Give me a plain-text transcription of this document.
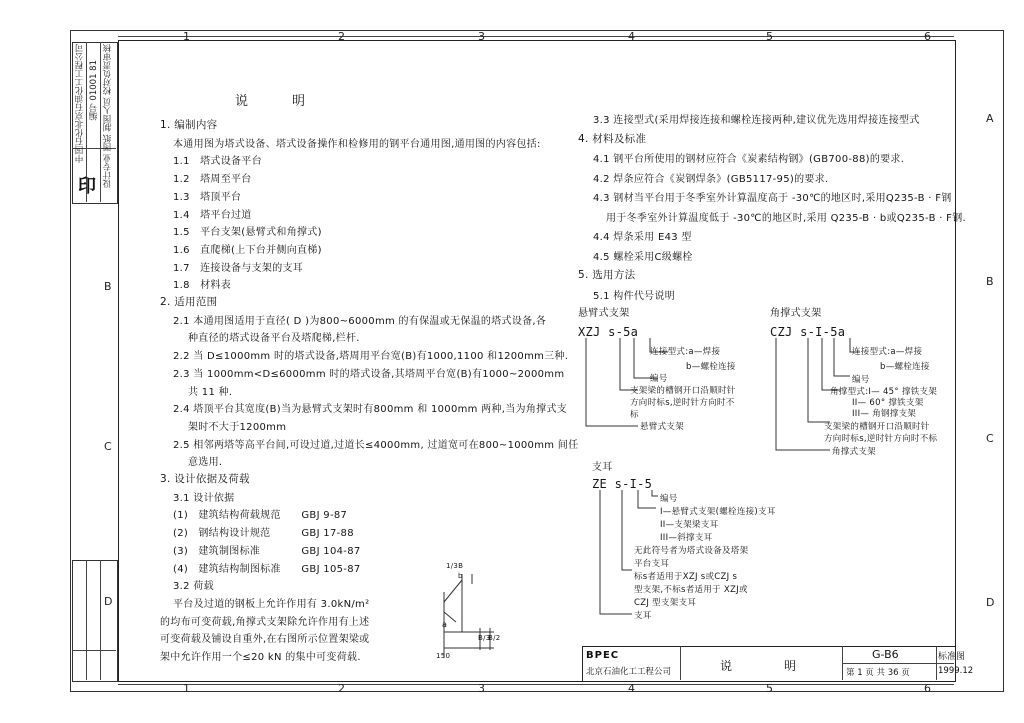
1	2	3	4	5	6
1	2	3	4	5	6
B
C
D
A
B
C
D
中国石化北京石油化工工程公司 编号 01001 81 设计专业 图纸 制图人员 校对负责审核
印
说　　明
1. 编制内容
本通用图为塔式设备、塔式设备操作和检修用的钢平台通用图,通用图的内容包括:
1.1　塔式设备平台
1.2　塔周至平台
1.3　塔顶平台
1.4　塔平台过道
1.5　平台支架(悬臂式和角撑式)
1.6　直爬梯(上下台并侧向直梯)
1.7　连接设备与支架的支耳
1.8　材料表
2. 适用范围
2.1 本通用图适用于直径( D )为800~6000mm 的有保温或无保温的塔式设备,各
种直径的塔式设备平台及塔爬梯,栏杆.
2.2 当 D≤1000mm 时的塔式设备,塔周用平台宽(B)有1000,1100 和1200mm三种.
2.3 当 1000mm<D≤6000mm 时的塔式设备,其塔周平台宽(B)有1000~2000mm
共 11 种.
2.4 塔顶平台其宽度(B)当为悬臂式支架时有800mm 和 1000mm 两种,当为角撑式支
架时不大于1200mm
2.5 相邻两塔等高平台间,可设过道,过道长≤4000mm, 过道宽可在800~1000mm 间任
意选用.
3. 设计依据及荷载
3.1 设计依据
(1)　建筑结构荷载规范　　GBJ 9-87
(2)　钢结构设计规范　　　GBJ 17-88
(3)　建筑制图标准　　　　GBJ 104-87
(4)　建筑结构制图标准　　GBJ 105-87
3.2 荷载
平台及过道的钢板上允许作用有 3.0kN/m²
的均布可变荷载,角撑式支架除允许作用有上述
可变荷载及铺设自重外,在右图所示位置架梁或
架中允许作用一个≤20 kN 的集中可变荷载.
3.3 连接型式(采用焊接连接和螺栓连接两种,建议优先选用焊接连接型式
4. 材料及标准
4.1 钢平台所使用的钢材应符合《炭素结构钢》(GB700-88)的要求.
4.2 焊条应符合《炭钢焊条》(GB5117-95)的要求.
4.3 钢材当平台用于冬季室外计算温度高于 -30℃的地区时,采用Q235-B · F钢
用于冬季室外计算温度低于 -30℃的地区时,采用 Q235-B · b或Q235-B · F钢.
4.4 焊条采用 E43 型
4.5 螺栓采用C级螺栓
5. 选用方法
5.1 构件代号说明
悬臂式支架
XZJ s-5a
连接型式:a—焊接
b—螺栓连接
编号
支架梁的槽钢开口沿顺时针
方向时标s,逆时针方向时不
标
悬臂式支架
角撑式支架
CZJ s-I-5a
连接型式:a—焊接
b—螺栓连接
编号
角撑型式:I— 45° 撑铁支架
II— 60° 撑铁支架
III— 角钢撑支架
支架梁的槽钢开口沿顺时针
方向时标s,逆时针方向时不标
角撑式支架
支耳
ZE s-I-5
编号
I—悬臂式支架(螺栓连接)支耳
II—支架梁支耳
III—斜撑支耳
无此符号者为塔式设备及塔架
平台支耳
标s者适用于XZJ s或CZJ s
型支架,不标s者适用于 XZJ或
CZJ 型支架支耳
支耳
1/3B
b
a
B/3
B/2
150	BPEC
北京石油化工工程公司	说　　　明
G-B6
第 1 页 共 36 页
标准图
1999.12
